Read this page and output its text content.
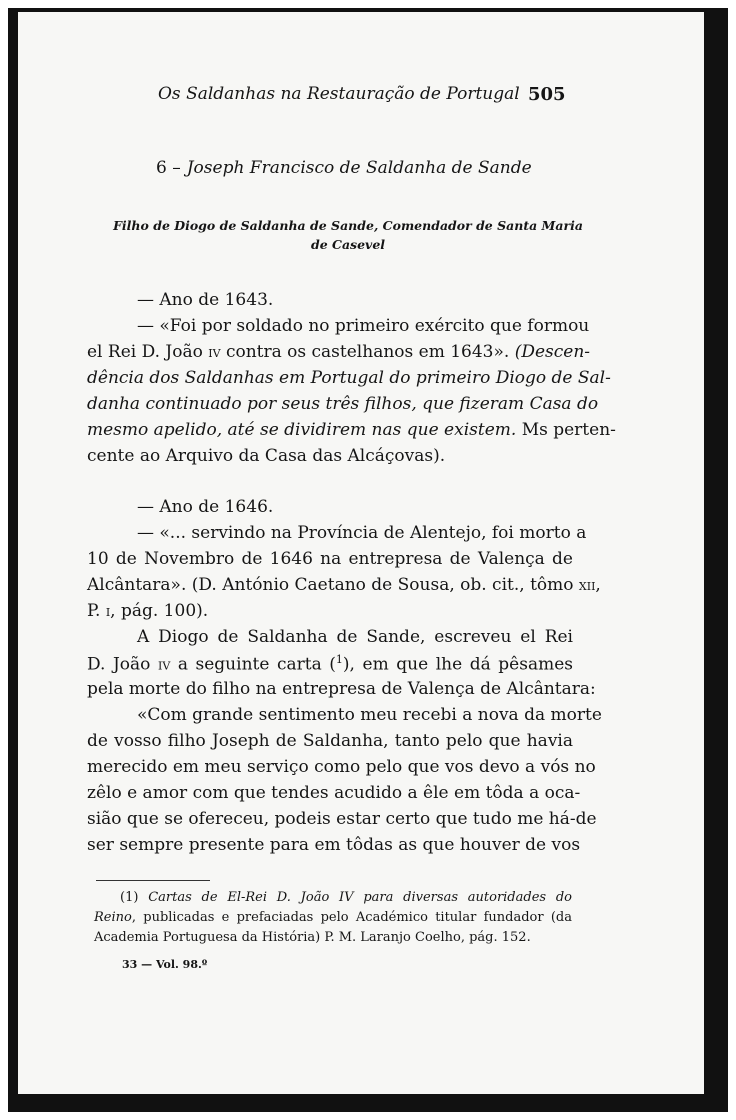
Os Saldanhas na Restauração de Portugal 505
6 – Joseph Francisco de Saldanha de Sande
Filho de Diogo de Saldanha de Sande, Comendador de Santa Maria
de Casevel
— Ano de 1643.
— «Foi por soldado no primeiro exército que formou
el Rei D. João iv contra os castelhanos em 1643». (Descen-
dência dos Saldanhas em Portugal do primeiro Diogo de Sal-
danha continuado por seus três filhos, que fizeram Casa do
mesmo apelido, até se dividirem nas que existem. Ms perten-
cente ao Arquivo da Casa das Alcáçovas).
— Ano de 1646.
— «... servindo na Província de Alentejo, foi morto a
10 de Novembro de 1646 na entrepresa de Valença de
Alcântara». (D. António Caetano de Sousa, ob. cit., tômo xii,
P. i, pág. 100).
A Diogo de Saldanha de Sande, escreveu el Rei
D. João iv a seguinte carta ($^1$), em que lhe dá pêsames
pela morte do filho na entrepresa de Valença de Alcântara:
«Com grande sentimento meu recebi a nova da morte
de vosso filho Joseph de Saldanha, tanto pelo que havia
merecido em meu serviço como pelo que vos devo a vós no
zêlo e amor com que tendes acudido a êle em tôda a oca-
sião que se ofereceu, podeis estar certo que tudo me há-de
ser sempre presente para em tôdas as que houver de vos
(1) Cartas de El-Rei D. João IV para diversas autoridades do
Reino, publicadas e prefaciadas pelo Académico titular fundador (da
Academia Portuguesa da História) P. M. Laranjo Coelho, pág. 152.
33 — Vol. 98.º
